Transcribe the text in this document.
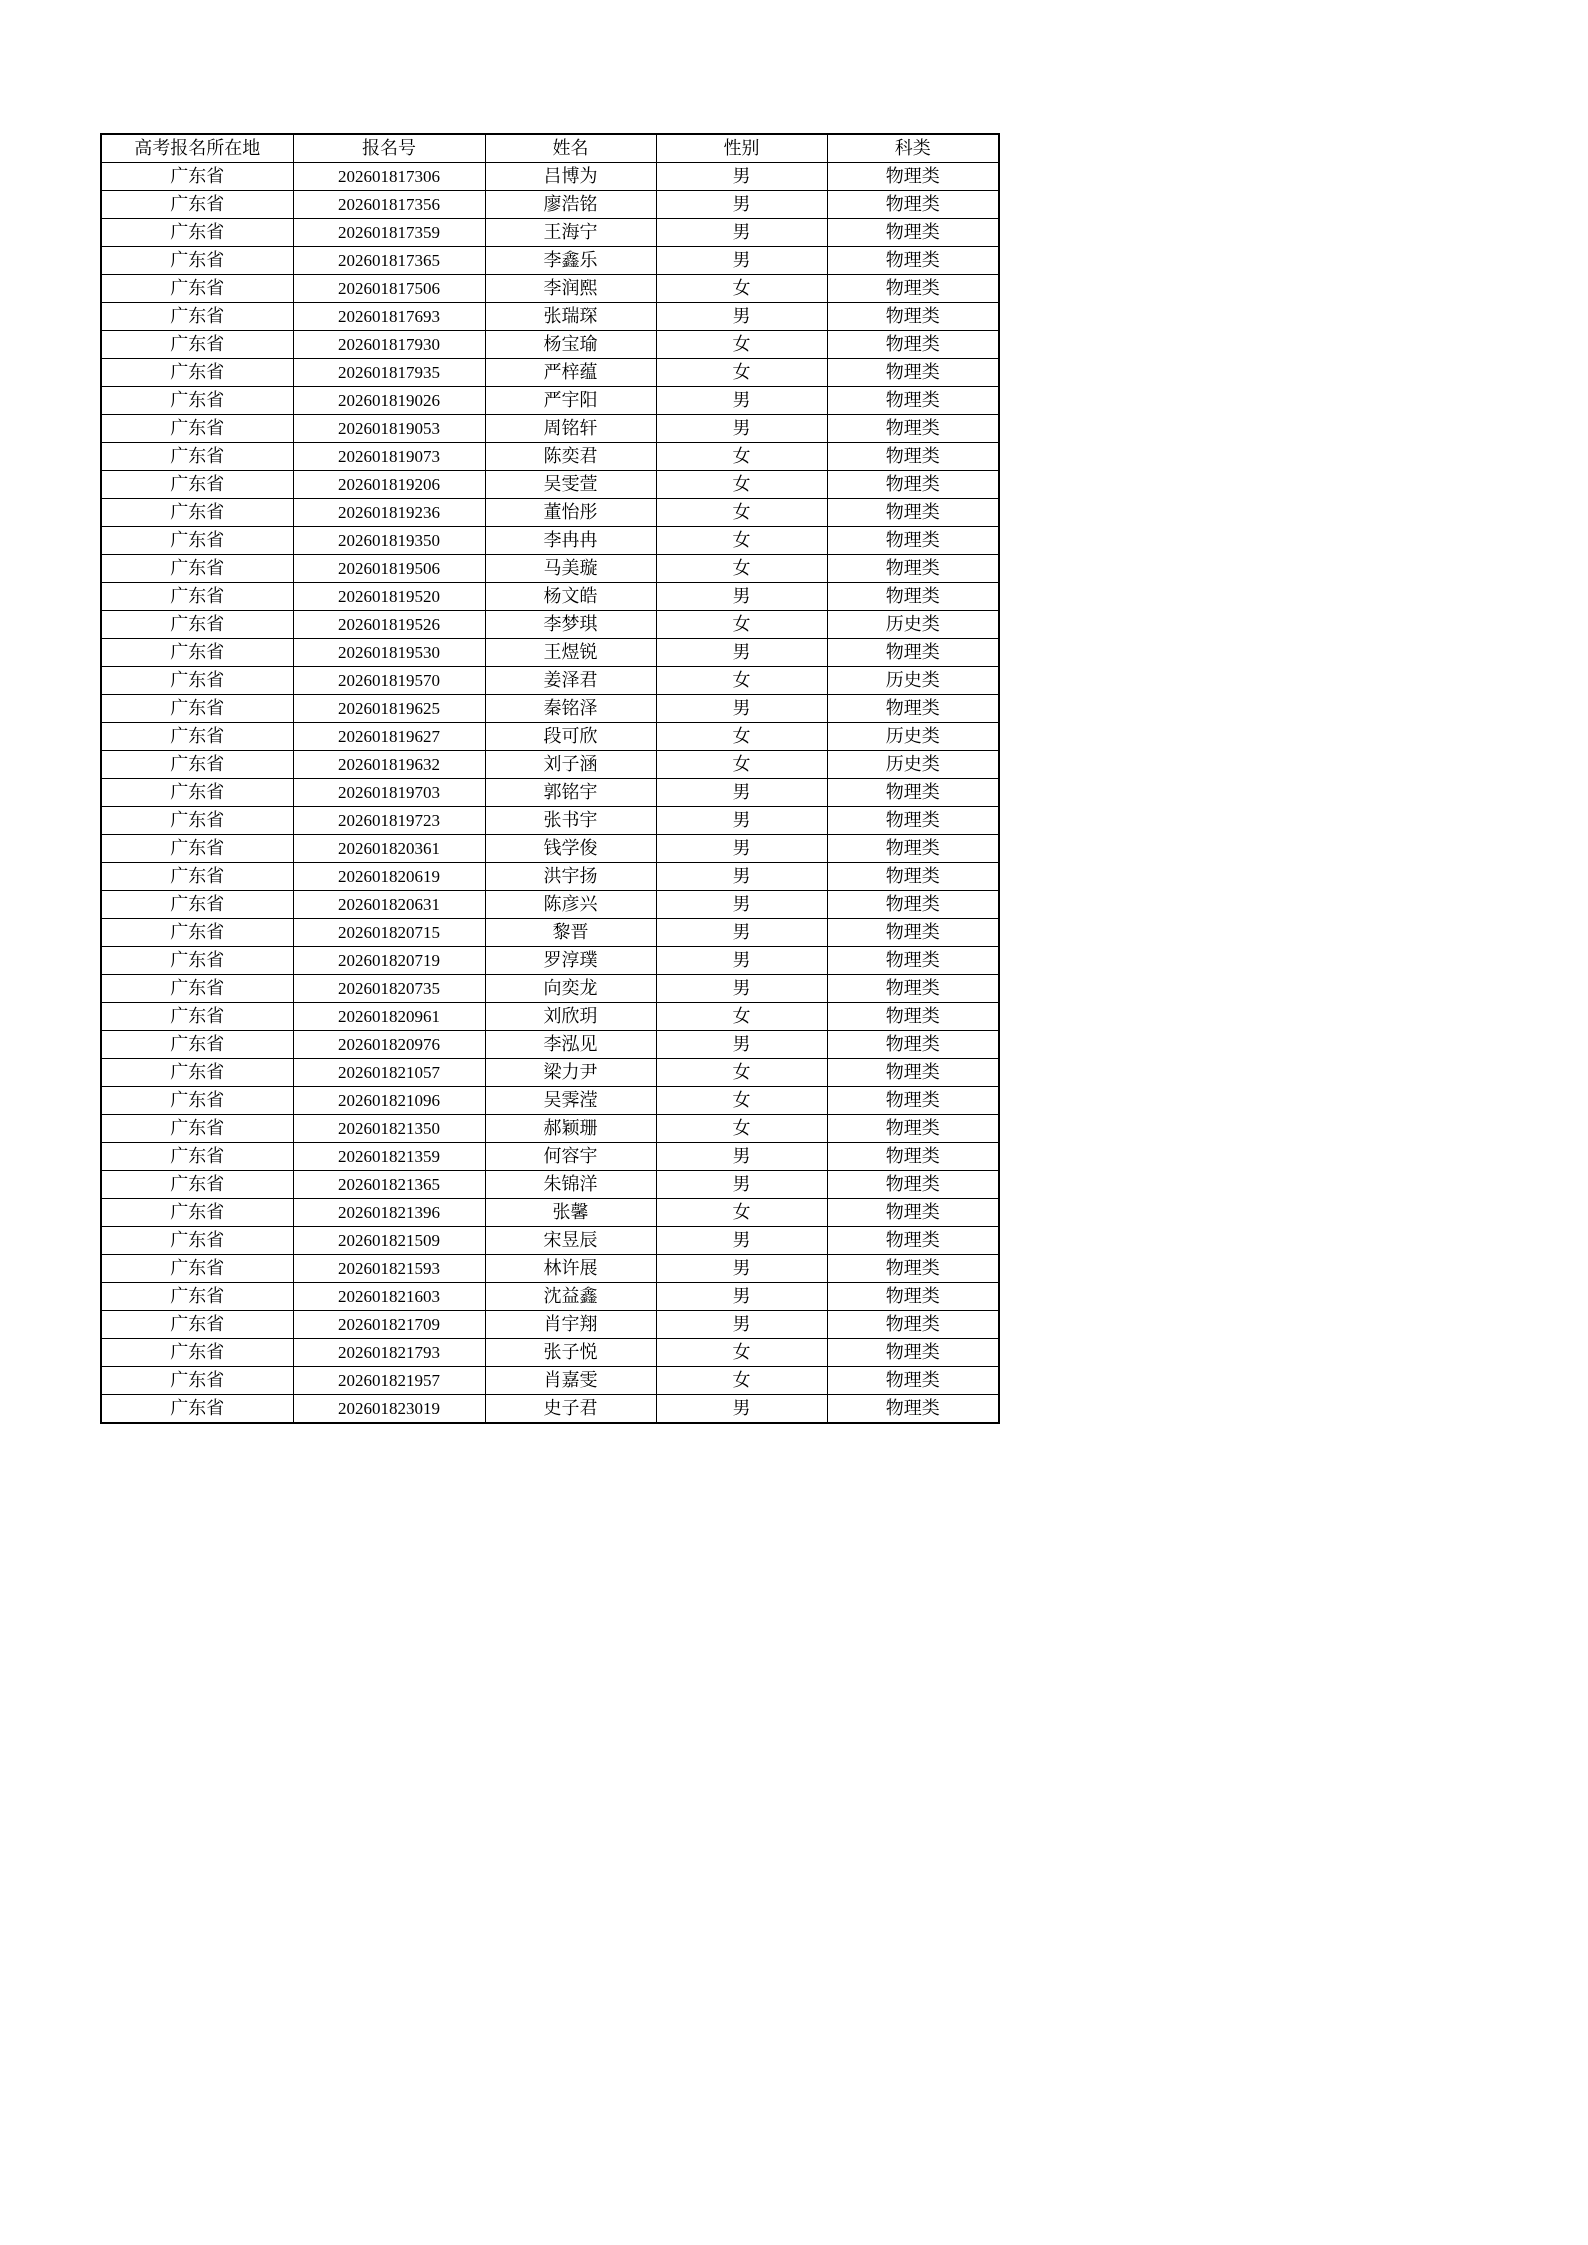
高考报名所在地	报名号	姓名	性别	科类
广东省	202601817306	吕博为	男	物理类
广东省	202601817356	廖浩铭	男	物理类
广东省	202601817359	王海宁	男	物理类
广东省	202601817365	李鑫乐	男	物理类
广东省	202601817506	李润熙	女	物理类
广东省	202601817693	张瑞琛	男	物理类
广东省	202601817930	杨宝瑜	女	物理类
广东省	202601817935	严梓蕴	女	物理类
广东省	202601819026	严宇阳	男	物理类
广东省	202601819053	周铭轩	男	物理类
广东省	202601819073	陈奕君	女	物理类
广东省	202601819206	吴雯萱	女	物理类
广东省	202601819236	董怡彤	女	物理类
广东省	202601819350	李冉冉	女	物理类
广东省	202601819506	马美璇	女	物理类
广东省	202601819520	杨文皓	男	物理类
广东省	202601819526	李梦琪	女	历史类
广东省	202601819530	王煜锐	男	物理类
广东省	202601819570	姜泽君	女	历史类
广东省	202601819625	秦铭泽	男	物理类
广东省	202601819627	段可欣	女	历史类
广东省	202601819632	刘子涵	女	历史类
广东省	202601819703	郭铭宇	男	物理类
广东省	202601819723	张书宇	男	物理类
广东省	202601820361	钱学俊	男	物理类
广东省	202601820619	洪宇扬	男	物理类
广东省	202601820631	陈彦兴	男	物理类
广东省	202601820715	黎晋	男	物理类
广东省	202601820719	罗淳璞	男	物理类
广东省	202601820735	向奕龙	男	物理类
广东省	202601820961	刘欣玥	女	物理类
广东省	202601820976	李泓见	男	物理类
广东省	202601821057	梁力尹	女	物理类
广东省	202601821096	吴霁滢	女	物理类
广东省	202601821350	郝颖珊	女	物理类
广东省	202601821359	何容宇	男	物理类
广东省	202601821365	朱锦洋	男	物理类
广东省	202601821396	张馨	女	物理类
广东省	202601821509	宋昱辰	男	物理类
广东省	202601821593	林许展	男	物理类
广东省	202601821603	沈益鑫	男	物理类
广东省	202601821709	肖宇翔	男	物理类
广东省	202601821793	张子悦	女	物理类
广东省	202601821957	肖嘉雯	女	物理类
广东省	202601823019	史子君	男	物理类
